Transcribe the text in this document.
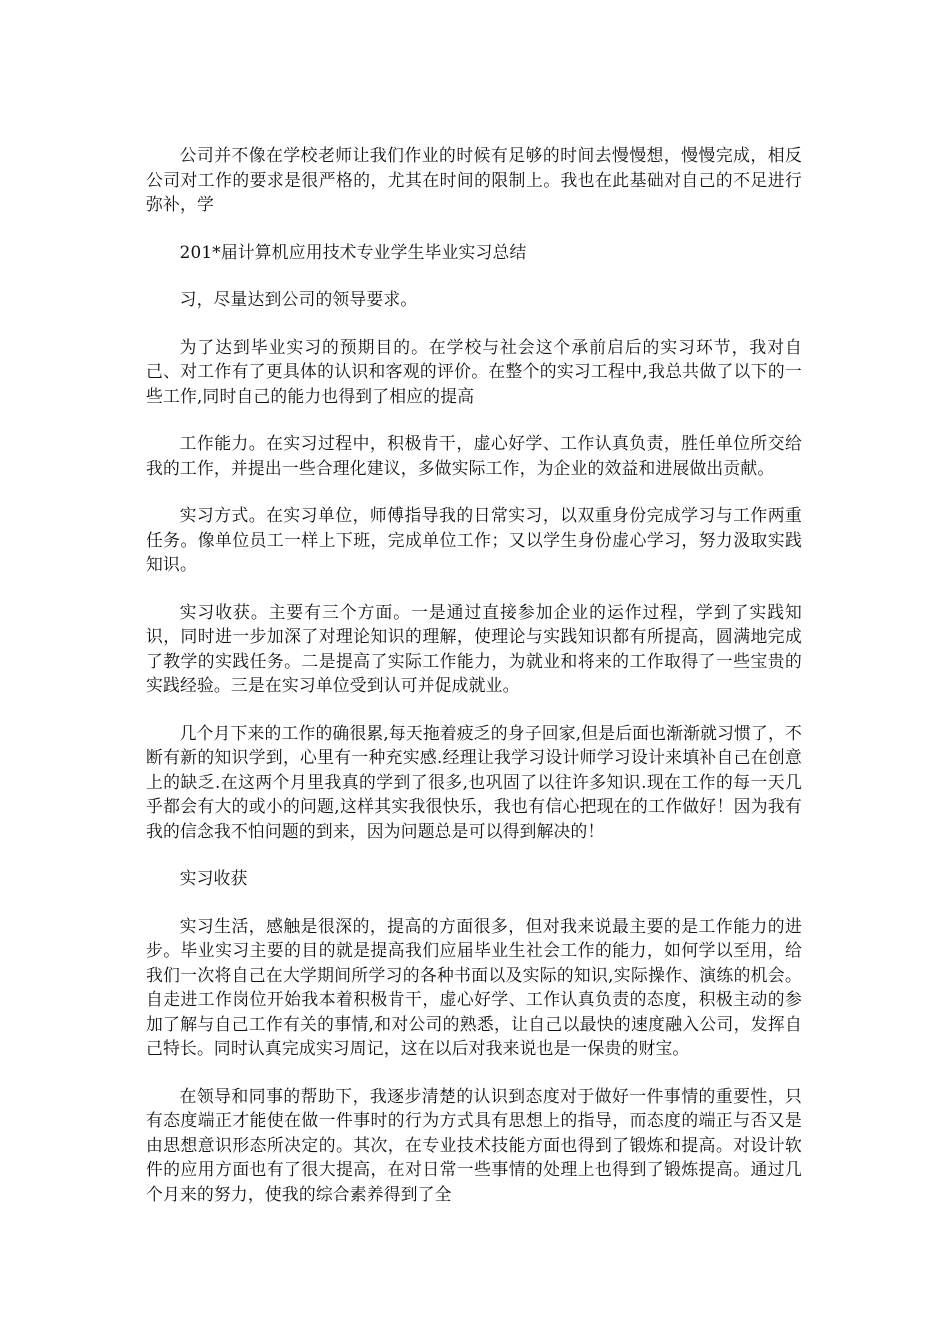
公司并不像在学校老师让我们作业的时候有足够的时间去慢慢想，慢慢完成，相反公司对工作的要求是很严格的，尤其在时间的限制上。我也在此基础对自己的不足进行弥补，学

201*届计算机应用技术专业学生毕业实习总结

习，尽量达到公司的领导要求。

为了达到毕业实习的预期目的。在学校与社会这个承前启后的实习环节，我对自己、对工作有了更具体的认识和客观的评价。在整个的实习工程中,我总共做了以下的一些工作,同时自己的能力也得到了相应的提高

工作能力。在实习过程中，积极肯干，虚心好学、工作认真负责，胜任单位所交给我的工作，并提出一些合理化建议，多做实际工作，为企业的效益和进展做出贡献。

实习方式。在实习单位，师傅指导我的日常实习，以双重身份完成学习与工作两重任务。像单位员工一样上下班，完成单位工作；又以学生身份虚心学习，努力汲取实践知识。

实习收获。主要有三个方面。一是通过直接参加企业的运作过程，学到了实践知识，同时进一步加深了对理论知识的理解，使理论与实践知识都有所提高，圆满地完成了教学的实践任务。二是提高了实际工作能力，为就业和将来的工作取得了一些宝贵的实践经验。三是在实习单位受到认可并促成就业。

几个月下来的工作的确很累,每天拖着疲乏的身子回家,但是后面也渐渐就习惯了，不断有新的知识学到，心里有一种充实感.经理让我学习设计师学习设计来填补自己在创意上的缺乏.在这两个月里我真的学到了很多,也巩固了以往许多知识.现在工作的每一天几乎都会有大的或小的问题,这样其实我很快乐，我也有信心把现在的工作做好！因为我有我的信念我不怕问题的到来，因为问题总是可以得到解决的！

实习收获

实习生活，感触是很深的，提高的方面很多，但对我来说最主要的是工作能力的进步。毕业实习主要的目的就是提高我们应届毕业生社会工作的能力，如何学以至用，给我们一次将自己在大学期间所学习的各种书面以及实际的知识,实际操作、演练的机会。自走进工作岗位开始我本着积极肯干，虚心好学、工作认真负责的态度，积极主动的参加了解与自己工作有关的事情,和对公司的熟悉，让自己以最快的速度融入公司，发挥自己特长。同时认真完成实习周记，这在以后对我来说也是一保贵的财宝。

在领导和同事的帮助下，我逐步清楚的认识到态度对于做好一件事情的重要性，只有态度端正才能使在做一件事时的行为方式具有思想上的指导，而态度的端正与否又是由思想意识形态所决定的。其次，在专业技术技能方面也得到了锻炼和提高。对设计软件的应用方面也有了很大提高，在对日常一些事情的处理上也得到了锻炼提高。通过几个月来的努力，使我的综合素养得到了全
